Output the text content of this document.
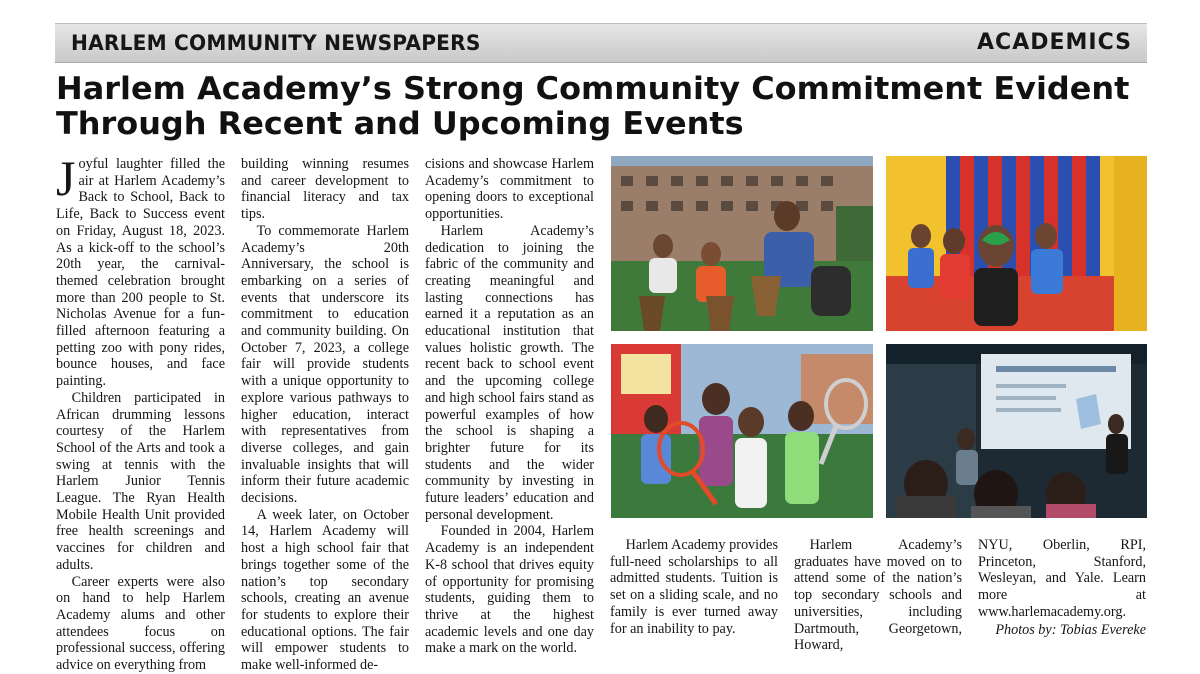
HARLEM COMMUNITY NEWSPAPERS	ACADEMICS
Harlem Academy’s Strong Community Commitment Evident
Through Recent and Upcoming Events

Joyful laughter filled the air at Harlem Academy’s Back to School, Back to Life, Back to Success event on Friday, August 18, 2023. As a kick-off to the school’s 20th year, the carnival-themed celebration brought more than 200 people to St. Nicholas Avenue for a fun-filled afternoon featuring a petting zoo with pony rides, bounce houses, and face painting.

Children participated in African drumming lessons courtesy of the Harlem School of the Arts and took a swing at tennis with the Harlem Junior Tennis League. The Ryan Health Mobile Health Unit provided free health screenings and vaccines for children and adults.

Career experts were also on hand to help Harlem Academy alums and other attendees focus on professional success, offering advice on everything from

building winning resumes and career development to financial literacy and tax tips.

To commemorate Harlem Academy’s 20th Anniversary, the school is embarking on a series of events that underscore its commitment to education and community building. On October 7, 2023, a college fair will provide students with a unique opportunity to explore various pathways to higher education, interact with representatives from diverse colleges, and gain invaluable insights that will inform their future academic decisions.

A week later, on October 14, Harlem Academy will host a high school fair that brings together some of the nation’s top secondary schools, creating an avenue for students to explore their educational options. The fair will empower students to make well-informed de-

cisions and showcase Harlem Academy’s commitment to opening doors to exceptional opportunities.

Harlem Academy’s dedication to joining the fabric of the community and creating meaningful and lasting connections has earned it a reputation as an educational institution that values holistic growth. The recent back to school event and the upcoming college and high school fairs stand as powerful examples of how the school is shaping a brighter future for its students and the wider community by investing in future leaders’ education and personal development.

Founded in 2004, Harlem Academy is an independent K-8 school that drives equity of opportunity for promising students, guiding them to thrive at the highest academic levels and one day make a mark on the world.

Harlem Academy provides full-need scholarships to all admitted students. Tuition is set on a sliding scale, and no family is ever turned away for an inability to pay.

Harlem Academy’s graduates have moved on to attend some of the nation’s top secondary schools and universities, including Dartmouth, Georgetown, Howard,

NYU, Oberlin, RPI, Princeton, Stanford, Wesleyan, and Yale. Learn more at www.harlemacademy.org.

Photos by: Tobias Evereke
